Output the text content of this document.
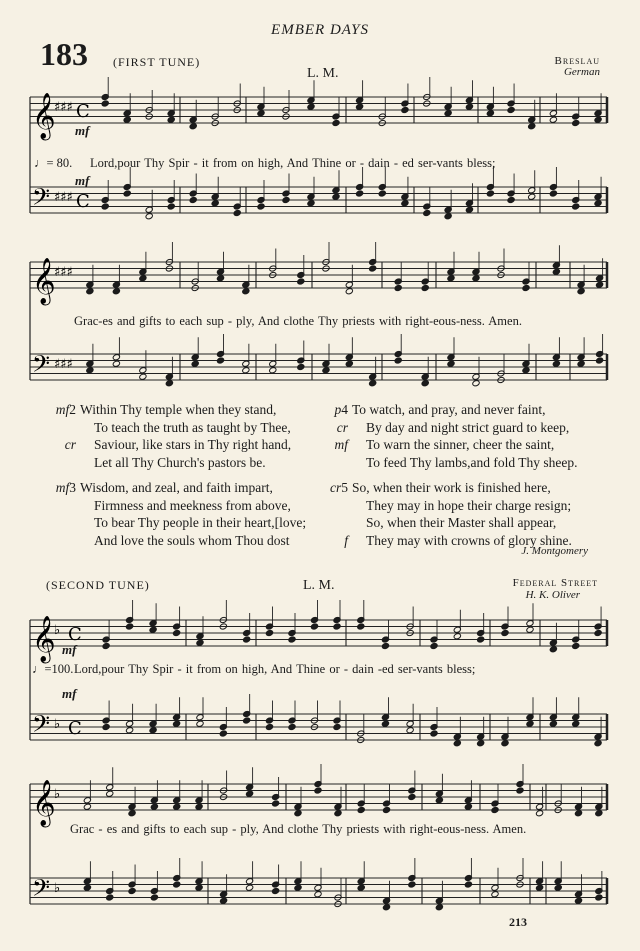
EMBER DAYS
183 (FIRST TUNE)
L. M.
Breslau
German
𝄞
♯♯♯ C
𝄢 ♯♯♯ C
mf
♩= 80. Lord,pour Thy Spir - it from on high, And Thine or - dain - ed ser-vants bless;
mf
𝄞
♯♯♯
𝄢 ♯♯♯
Grac-es and gifts to each sup - ply, And clothe Thy priests with right-eous-ness. Amen.
mf2 Within Thy temple when they stand,
To teach the truth as taught by Thee,
cr Saviour, like stars in Thy right hand,
Let all Thy Church's pastors be.
mf3 Wisdom, and zeal, and faith impart,
Firmness and meekness from above,
To bear Thy people in their heart,[love;
And love the souls whom Thou dost
p4 To watch, and pray, and never faint,
cr By day and night strict guard to keep,
mf To warn the sinner, cheer the saint,
To feed Thy lambs,and fold Thy sheep.
cr5 So, when their work is finished here,
They may in hope their charge resign;
So, when their Master shall appear,
f They may with crowns of glory shine.
J. Montgomery
(SECOND TUNE)	L. M.	Federal Street
H. K. Oliver
𝄞
♭ C
𝄢 ♭ C
mf
♩=100. Lord,pour Thy Spir - it from on high, And Thine or - dain -ed ser-vants bless;
mf
𝄞
♭
𝄢 ♭
Grac - es and gifts to each sup - ply, And clothe Thy priests with right-eous-ness. Amen.
213
